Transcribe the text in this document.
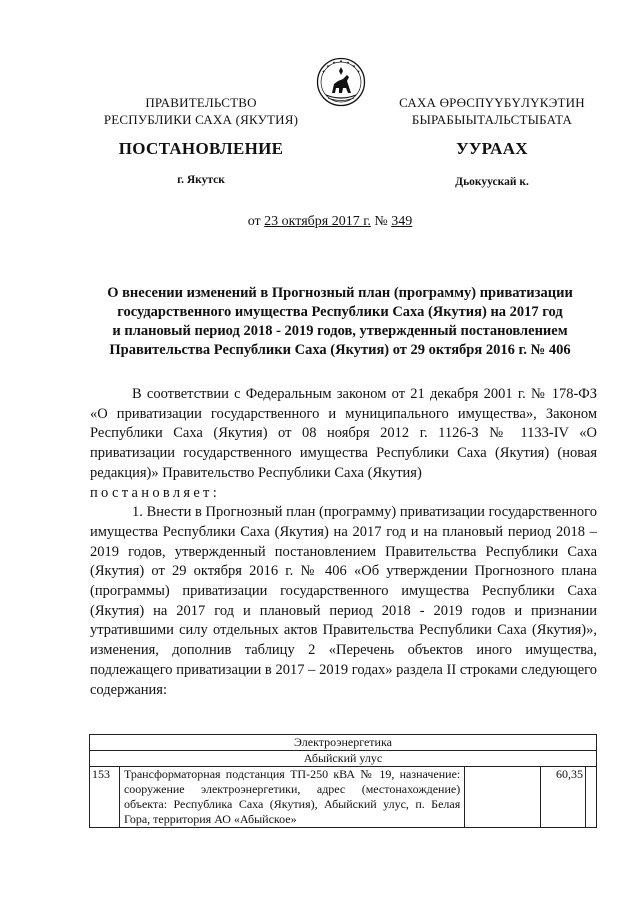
ПРАВИТЕЛЬСТВО
РЕСПУБЛИКИ САХА (ЯКУТИЯ)
САХА ӨРӨСПҮҮБҮЛҮКЭТИН
БЫРАБЫЫТАЛЬСТЫБАТА
ПОСТАНОВЛЕНИЕ	УУРААХ
г. Якутск	Дьокуускай к.
от 23 октября 2017 г. № 349
О внесении изменений в Прогнозный план (программу) приватизации
государственного имущества Республики Саха (Якутия) на 2017 год
и плановый период 2018 - 2019 годов, утвержденный постановлением
Правительства Республики Саха (Якутия) от 29 октября 2016 г. № 406
В соответствии с Федеральным законом от 21 декабря 2001 г. № 178-ФЗ «О приватизации государственного и муниципального имущества», Законом Республики Саха (Якутия) от 08 ноября 2012 г. 1126-З № 1133-IV «О приватизации государственного имущества Республики Саха (Якутия) (новая редакция)» Правительство Республики Саха (Якутия)
постановляет:
1. Внести в Прогнозный план (программу) приватизации государственного имущества Республики Саха (Якутия) на 2017 год и на плановый период 2018 – 2019 годов, утвержденный постановлением Правительства Республики Саха (Якутия) от 29 октября 2016 г. № 406 «Об утверждении Прогнозного плана (программы) приватизации государственного имущества Республики Саха (Якутия) на 2017 год и плановый период 2018 - 2019 годов и признании утратившими силу отдельных актов Правительства Республики Саха (Якутия)», изменения, дополнив таблицу 2 «Перечень объектов иного имущества, подлежащего приватизации в 2017 – 2019 годах» раздела II строками следующего содержания:
Электроэнергетика
Абыйский улус
153	Трансформаторная подстанция ТП-250 кВА № 19, назначение: сооружение электроэнергетики, адрес (местонахождение) объекта: Республика Саха (Якутия), Абыйский улус, п. Белая Гора, территория АО «Абыйское»		60,35	
